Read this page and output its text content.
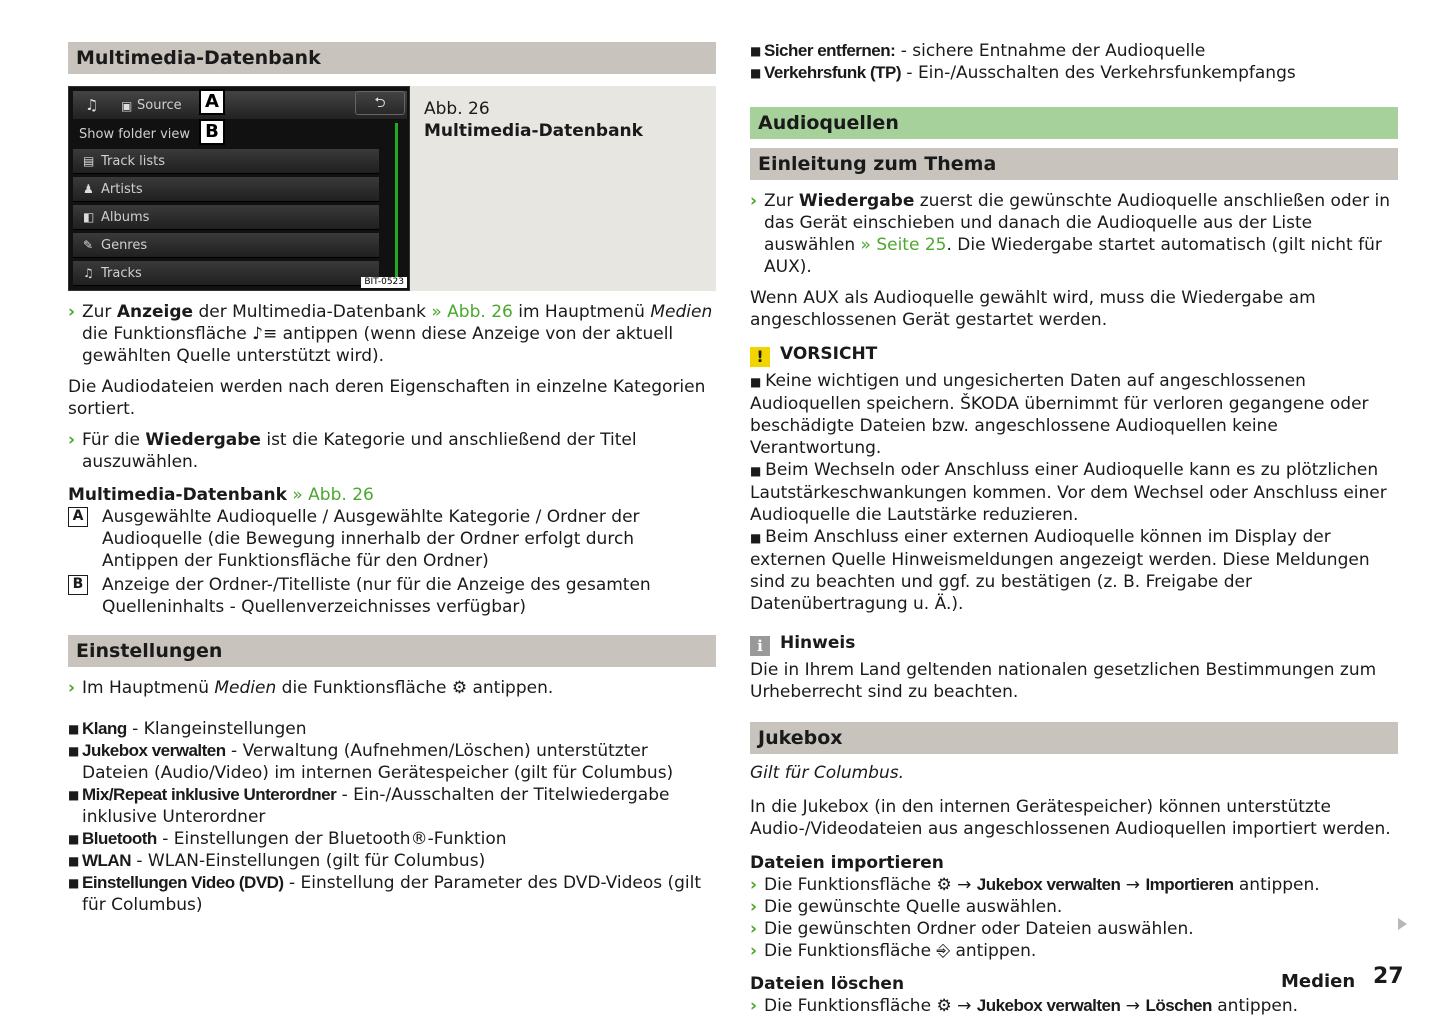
Multimedia-Datenbank
♫ ▣ Source	⮌
Show folder view
▤ Track lists
♟ Artists
◧ Albums
✎ Genres
♫ Tracks
BIT-0523
A
B
Abb. 26
Multimedia-Datenbank
› Zur Anzeige der Multimedia-Datenbank » Abb. 26 im Hauptmenü Medien die Funktionsfläche ♪≡ antippen (wenn diese Anzeige von der aktuell gewählten Quelle unterstützt wird).

Die Audiodateien werden nach deren Eigenschaften in einzelne Kategorien sortiert.

› Für die Wiedergabe ist die Kategorie und anschließend der Titel auszuwählen.

Multimedia-Datenbank » Abb. 26
A Ausgewählte Audioquelle / Ausgewählte Kategorie / Ordner der Audioquelle (die Bewegung innerhalb der Ordner erfolgt durch Antippen der Funktionsfläche für den Ordner)
B Anzeige der Ordner-/Titelliste (nur für die Anzeige des gesamten Quelleninhalts - Quellenverzeichnisses verfügbar)
Einstellungen
› Im Hauptmenü Medien die Funktionsfläche ⚙ antippen.

■ Klang - Klangeinstellungen
■ Jukebox verwalten - Verwaltung (Aufnehmen/Löschen) unterstützter Dateien (Audio/Video) im internen Gerätespeicher (gilt für Columbus)
■ Mix/Repeat inklusive Unterordner - Ein-/Ausschalten der Titelwiedergabe inklusive Unterordner
■ Bluetooth - Einstellungen der Bluetooth®-Funktion
■ WLAN - WLAN-Einstellungen (gilt für Columbus)
■ Einstellungen Video (DVD) - Einstellung der Parameter des DVD-Videos (gilt für Columbus)
■ Sicher entfernen: - sichere Entnahme der Audioquelle
■ Verkehrsfunk (TP) - Ein-/Ausschalten des Verkehrsfunkempfangs
Audioquellen
Einleitung zum Thema
› Zur Wiedergabe zuerst die gewünschte Audioquelle anschließen oder in das Gerät einschieben und danach die Audioquelle aus der Liste auswählen » Seite 25. Die Wiedergabe startet automatisch (gilt nicht für AUX).

Wenn AUX als Audioquelle gewählt wird, muss die Wiedergabe am angeschlossenen Gerät gestartet werden.

! VORSICHT
■ Keine wichtigen und ungesicherten Daten auf angeschlossenen Audioquellen speichern. ŠKODA übernimmt für verloren gegangene oder beschädigte Dateien bzw. angeschlossene Audioquellen keine Verantwortung.
■ Beim Wechseln oder Anschluss einer Audioquelle kann es zu plötzlichen Lautstärkeschwankungen kommen. Vor dem Wechsel oder Anschluss einer Audioquelle die Lautstärke reduzieren.
■ Beim Anschluss einer externen Audioquelle können im Display der externen Quelle Hinweismeldungen angezeigt werden. Diese Meldungen sind zu beachten und ggf. zu bestätigen (z. B. Freigabe der Datenübertragung u. Ä.).
i Hinweis
Die in Ihrem Land geltenden nationalen gesetzlichen Bestimmungen zum Urheberrecht sind zu beachten.
Jukebox

Gilt für Columbus.

In die Jukebox (in den internen Gerätespeicher) können unterstützte Audio-/Videodateien aus angeschlossenen Audioquellen importiert werden.

Dateien importieren
› Die Funktionsfläche ⚙ → Jukebox verwalten → Importieren antippen.
› Die gewünschte Quelle auswählen.
› Die gewünschten Ordner oder Dateien auswählen.
› Die Funktionsfläche ⎆ antippen.
Dateien löschen
› Die Funktionsfläche ⚙ → Jukebox verwalten → Löschen antippen.
Medien 27
